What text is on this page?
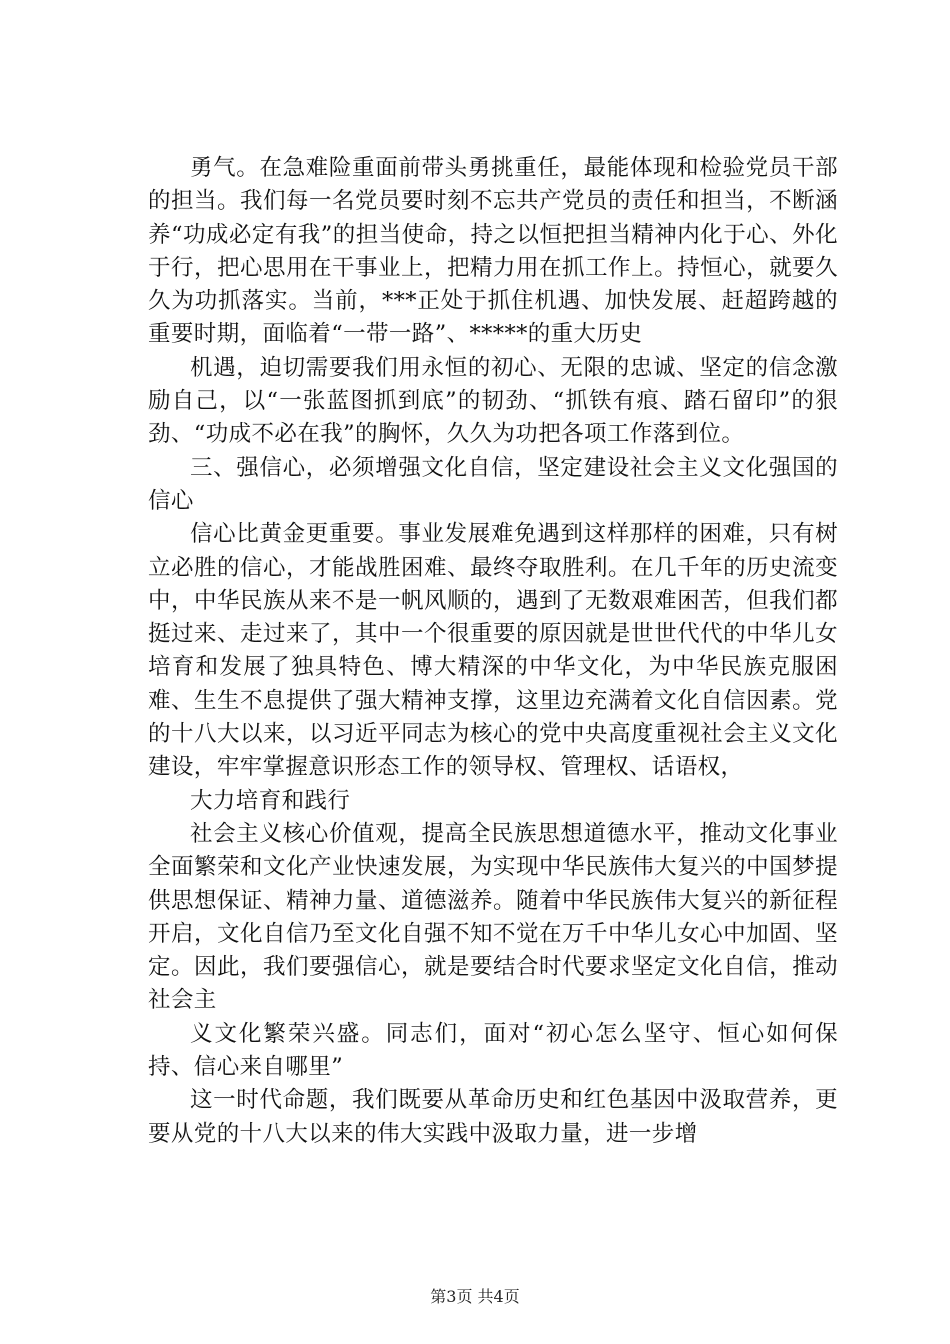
勇气。在急难险重面前带头勇挑重任，最能体现和检验党员干部的担当。我们每一名党员要时刻不忘共产党员的责任和担当，不断涵养“功成必定有我”的担当使命，持之以恒把担当精神内化于心、外化于行，把心思用在干事业上，把精力用在抓工作上。持恒心，就要久久为功抓落实。当前，***正处于抓住机遇、加快发展、赶超跨越的重要时期，面临着“一带一路”、*****的重大历史

机遇，迫切需要我们用永恒的初心、无限的忠诚、坚定的信念激励自己，以“一张蓝图抓到底”的韧劲、“抓铁有痕、踏石留印”的狠劲、“功成不必在我”的胸怀，久久为功把各项工作落到位。

三、强信心，必须增强文化自信，坚定建设社会主义文化强国的信心

信心比黄金更重要。事业发展难免遇到这样那样的困难，只有树立必胜的信心，才能战胜困难、最终夺取胜利。在几千年的历史流变中，中华民族从来不是一帆风顺的，遇到了无数艰难困苦，但我们都挺过来、走过来了，其中一个很重要的原因就是世世代代的中华儿女培育和发展了独具特色、博大精深的中华文化，为中华民族克服困难、生生不息提供了强大精神支撑，这里边充满着文化自信因素。党的十八大以来，以习近平同志为核心的党中央高度重视社会主义文化建设，牢牢掌握意识形态工作的领导权、管理权、话语权，

大力培育和践行

社会主义核心价值观，提高全民族思想道德水平，推动文化事业全面繁荣和文化产业快速发展，为实现中华民族伟大复兴的中国梦提供思想保证、精神力量、道德滋养。随着中华民族伟大复兴的新征程开启，文化自信乃至文化自强不知不觉在万千中华儿女心中加固、坚定。因此，我们要强信心，就是要结合时代要求坚定文化自信，推动社会主

义文化繁荣兴盛。同志们，面对“初心怎么坚守、恒心如何保持、信心来自哪里”

这一时代命题，我们既要从革命历史和红色基因中汲取营养，更要从党的十八大以来的伟大实践中汲取力量，进一步增

第3页 共4页
